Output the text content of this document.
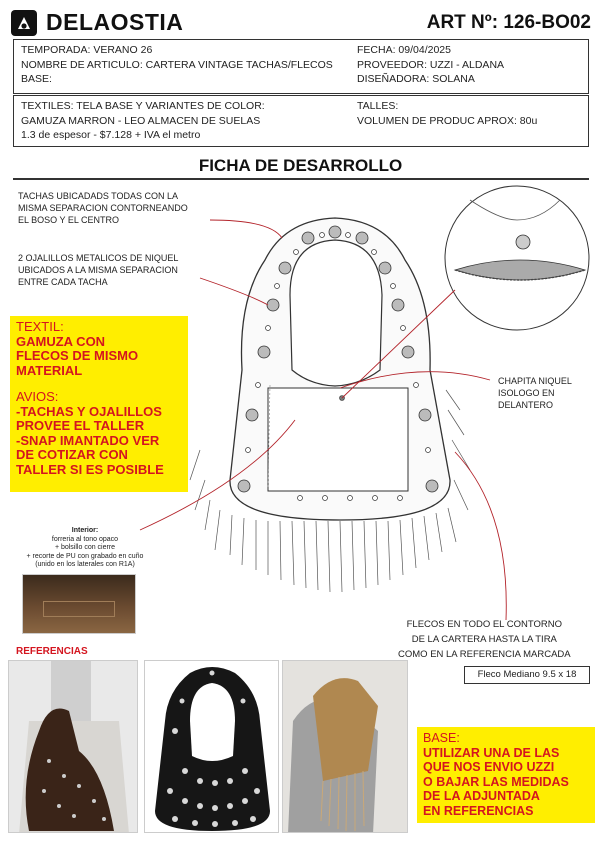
DELAOSTIA	ART Nº: 126-BO02
TEMPORADA: VERANO 26
NOMBRE DE ARTICULO: CARTERA VINTAGE TACHAS/FLECOS
BASE:
FECHA: 09/04/2025
PROVEEDOR: UZZI - ALDANA
DISEÑADORA: SOLANA
TEXTILES: TELA BASE Y VARIANTES DE COLOR:
GAMUZA MARRON - LEO ALMACEN DE SUELAS
1.3 de espesor - $7.128 + IVA el metro
TALLES:
VOLUMEN DE PRODUC APROX: 80u
FICHA DE DESARROLLO
TACHAS UBICADADS TODAS CON LA
MISMA SEPARACION CONTORNEANDO
EL BOSO Y EL CENTRO
2 OJALILLOS METALICOS DE NIQUEL
UBICADOS A LA MISMA SEPARACION
ENTRE CADA TACHA
CHAPITA NIQUEL
ISOLOGO EN
DELANTERO
FLECOS EN TODO EL CONTORNO
DE LA CARTERA HASTA LA TIRA
COMO EN LA REFERENCIA MARCADA
TEXTIL:
GAMUZA CON
FLECOS DE MISMO
MATERIAL
AVIOS:
-TACHAS Y OJALILLOS
PROVEE EL TALLER
-SNAP IMANTADO VER
DE COTIZAR CON
TALLER SI ES POSIBLE
Interior:
forreria al tono opaco
+ bolsillo con cierre
+ recorte de PU con grabado en cuño
(unido en los laterales con R1A)
REFERENCIAS
Fleco Mediano 9.5 x 18
BASE:
UTILIZAR UNA DE LAS
QUE NOS ENVIO UZZI
O BAJAR LAS MEDIDAS
DE LA ADJUNTADA
EN REFERENCIAS
